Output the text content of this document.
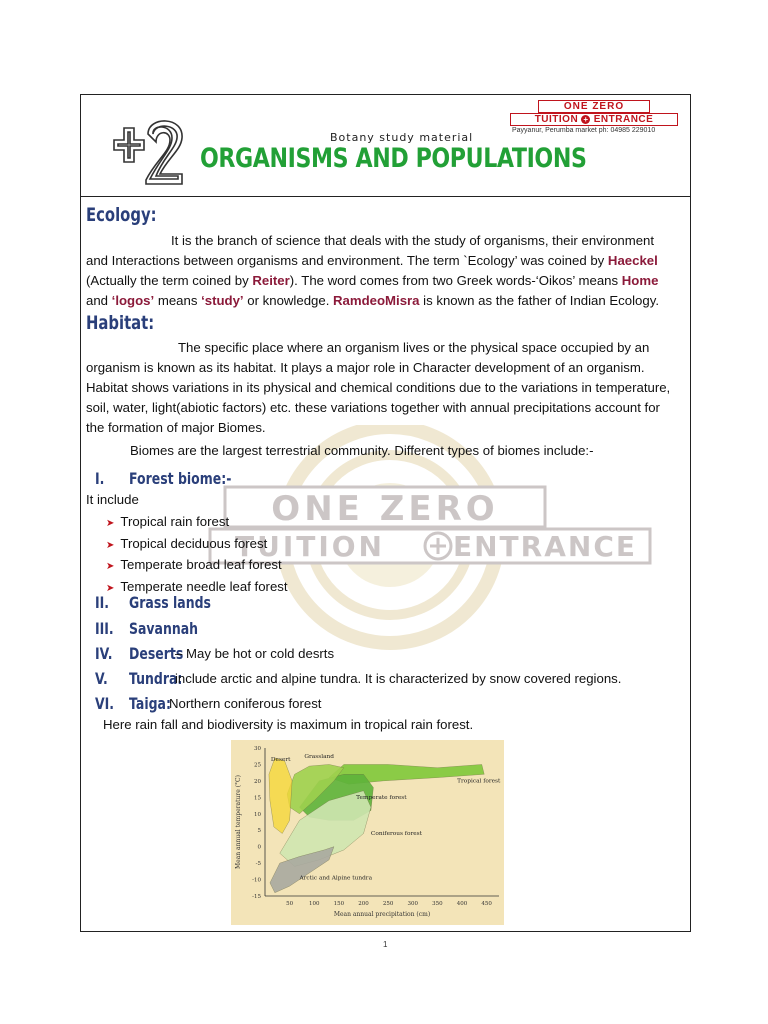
Botany study material
ORGANISMS AND POPULATIONS
ONE ZERO
TUITION + ENTRANCE
Payyanur, Perumba market ph: 04985 229010
ONE ZERO
TUITION ENTRANCE
Ecology:

It is the branch of science that deals with the study of organisms, their environment and Interactions between organisms and environment. The term `Ecology’ was coined by Haeckel (Actually the term coined by Reiter). The word comes from two Greek words-‘Oikos’ means Home and ‘logos’ means ‘study’ or knowledge. RamdeoMisra is known as the father of Indian Ecology.

Habitat:

The specific place where an organism lives or the physical space occupied by an organism is known as its habitat. It plays a major role in Character development of an organism. Habitat shows variations in its physical and chemical conditions due to the variations in temperature, soil, water, light(abiotic factors) etc. these variations together with annual precipitations account for the formation of major Biomes.

Biomes are the largest terrestrial community. Different types of biomes include:-
I. Forest biome:-
It include
➤ Tropical rain forest
➤ Tropical deciduous forest
➤ Temperate broad leaf forest
➤ Temperate needle leaf forest
II. Grass lands
III. Savannah
IV. Deserts
– May be hot or cold desrts
V. Tundra:
include arctic and alpine tundra. It is characterized by snow covered regions.
VI. Taiga:
Northern coniferous forest
Here rain fall and biodiversity is maximum in tropical rain forest.
30
25
20
15
10
5
0
-5
-10
-15
50	100	150	200	250	300	350	400	450
Mean annual precipitation (cm)
Mean annual temperature (°C)
Desert
Grassland
Tropical forest
Temperate forest
Coniferous forest
Arctic and Alpine tundra
1
